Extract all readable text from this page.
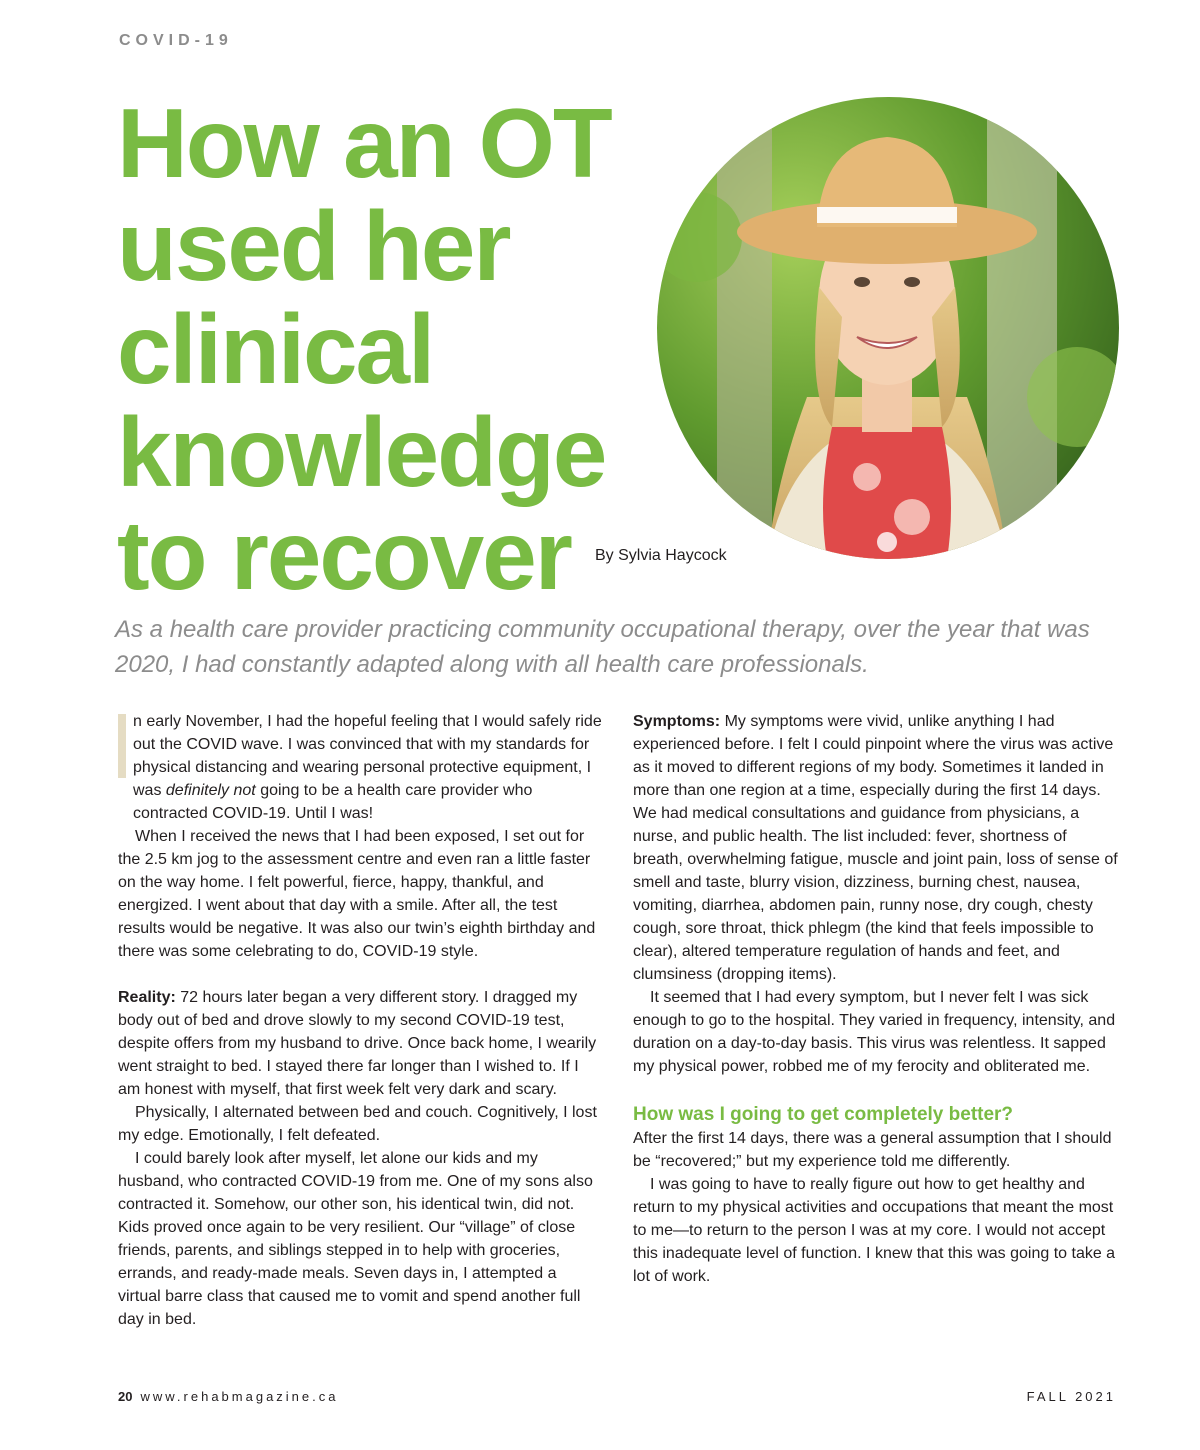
COVID-19
How an OT
used her
clinical
knowledge
to recover	By Sylvia Haycock

As a health care provider practicing community occupational therapy, over the year that was 2020, I had constantly adapted along with all health care professionals.

n early November, I had the hopeful feeling that I would safely ride out the COVID wave. I was convinced that with my standards for physical distancing and wearing personal protective equipment, I was definitely not going to be a health care provider who contracted COVID-19. Until I was!

When I received the news that I had been exposed, I set out for the 2.5 km jog to the assessment centre and even ran a little faster on the way home. I felt powerful, fierce, happy, thankful, and energized. I went about that day with a smile. After all, the test results would be negative. It was also our twin’s eighth birthday and there was some celebrating to do, COVID-19 style.

Reality: 72 hours later began a very different story. I dragged my body out of bed and drove slowly to my second COVID-19 test, despite offers from my husband to drive. Once back home, I wearily went straight to bed. I stayed there far longer than I wished to. If I am honest with myself, that first week felt very dark and scary.

Physically, I alternated between bed and couch. Cognitively, I lost my edge. Emotionally, I felt defeated.

I could barely look after myself, let alone our kids and my husband, who contracted COVID-19 from me. One of my sons also contracted it. Somehow, our other son, his identical twin, did not. Kids proved once again to be very resilient. Our “village” of close friends, parents, and siblings stepped in to help with groceries, errands, and ready-made meals. Seven days in, I attempted a virtual barre class that caused me to vomit and spend another full day in bed.

Symptoms: My symptoms were vivid, unlike anything I had experienced before. I felt I could pinpoint where the virus was active as it moved to different regions of my body. Sometimes it landed in more than one region at a time, especially during the first 14 days. We had medical consultations and guidance from physicians, a nurse, and public health. The list included: fever, shortness of breath, overwhelming fatigue, muscle and joint pain, loss of sense of smell and taste, blurry vision, dizziness, burning chest, nausea, vomiting, diarrhea, abdomen pain, runny nose, dry cough, chesty cough, sore throat, thick phlegm (the kind that feels impossible to clear), altered temperature regulation of hands and feet, and clumsiness (dropping items).

It seemed that I had every symptom, but I never felt I was sick enough to go to the hospital. They varied in frequency, intensity, and duration on a day-to-day basis. This virus was relentless. It sapped my physical power, robbed me of my ferocity and obliterated me.

How was I going to get completely better?

After the first 14 days, there was a general assumption that I should be “recovered;” but my experience told me differently.

I was going to have to really figure out how to get healthy and return to my physical activities and occupations that meant the most to me—to return to the person I was at my core. I would not accept this inadequate level of function. I knew that this was going to take a lot of work.

20 www.rehabmagazine.ca	FALL 2021
